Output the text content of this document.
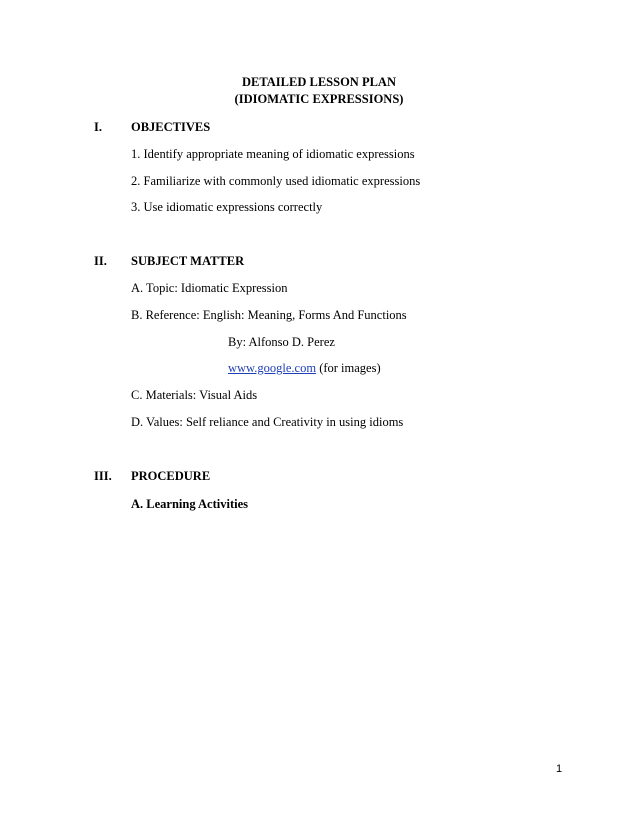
DETAILED LESSON PLAN
(IDIOMATIC EXPRESSIONS)
I. OBJECTIVES
1. Identify appropriate meaning of idiomatic expressions
2. Familiarize with commonly used idiomatic expressions
3. Use idiomatic expressions correctly
II. SUBJECT MATTER
A. Topic: Idiomatic Expression
B. Reference: English: Meaning, Forms And Functions
By: Alfonso D. Perez
www.google.com (for images)
C. Materials: Visual Aids
D. Values: Self reliance and Creativity in using idioms
III. PROCEDURE
A. Learning Activities
1
